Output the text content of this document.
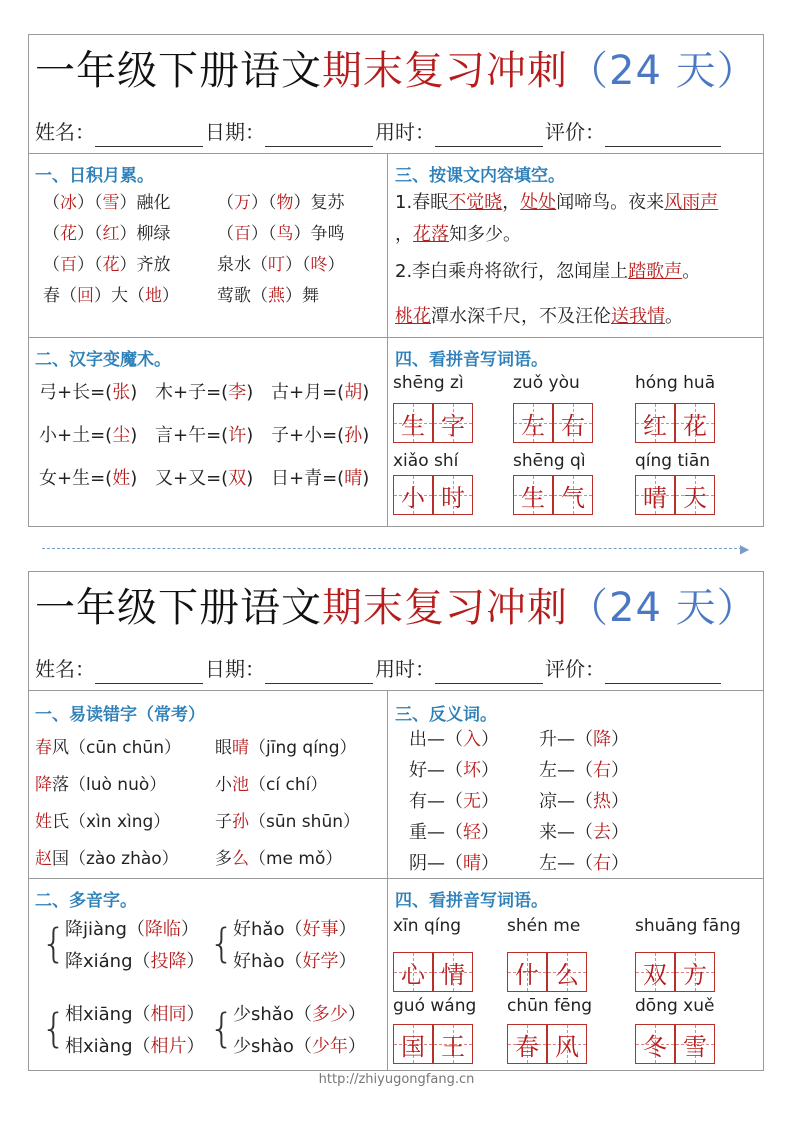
一年级下册语文期末复习冲刺（24 天）
姓名：	日期：	用时：	评价：
一、日积月累。
（冰）（雪）融化	（万）（物）复苏
（花）（红）柳绿	（百）（鸟）争鸣
（百）（花）齐放	泉水（叮）（咚）
春（回）大（地） 莺歌（燕）舞
二、汉字变魔术。
弓+长=(张) 木+子=(李) 古+月=(胡)
小+土=(尘) 言+午=(许) 子+小=(孙)
女+生=(姓) 又+又=(双) 日+青=(晴)
三、按课文内容填空。
1.春眠不觉晓，处处闻啼鸟。夜来风雨声
，花落知多少。
2.李白乘舟将欲行，忽闻崖上踏歌声。
桃花潭水深千尺，不及汪伦送我情。
四、看拼音写词语。
shēng zì
生 字
zuǒ yòu
左 右
hóng huā
红 花
xiǎo shí
小 时
shēng qì
生 气
qíng tiān
晴 天
▶
一年级下册语文期末复习冲刺（24 天）
姓名：	日期：	用时：	评价：
一、易读错字（常考）
春风（cūn chūn） 眼晴（jīng qíng）
降落（luò nuò）	小池（cí chí）
姓氏（xìn xìng）	子孙（sūn shūn）
赵国（zào zhào） 多么（me mǒ）
二、多音字。
{
降jiàng（降临）
降xiáng（投降） {
好hǎo（好事）
好hào（好学）
{
相xiāng（相同）
相xiàng（相片） {
少shǎo（多少）
少shào（少年）
三、反义词。
出—（入） 升—（降）
好—（坏） 左—（右）
有—（无） 凉—（热）
重—（轻） 来—（去）
阴—（晴） 左—（右）
四、看拼音写词语。
xīn qíng
心 情
shén me
什 么
shuāng fāng
双 方
guó wáng
国 王
chūn fēng
春 风
dōng xuě
冬 雪
http://zhiyugongfang.cn
